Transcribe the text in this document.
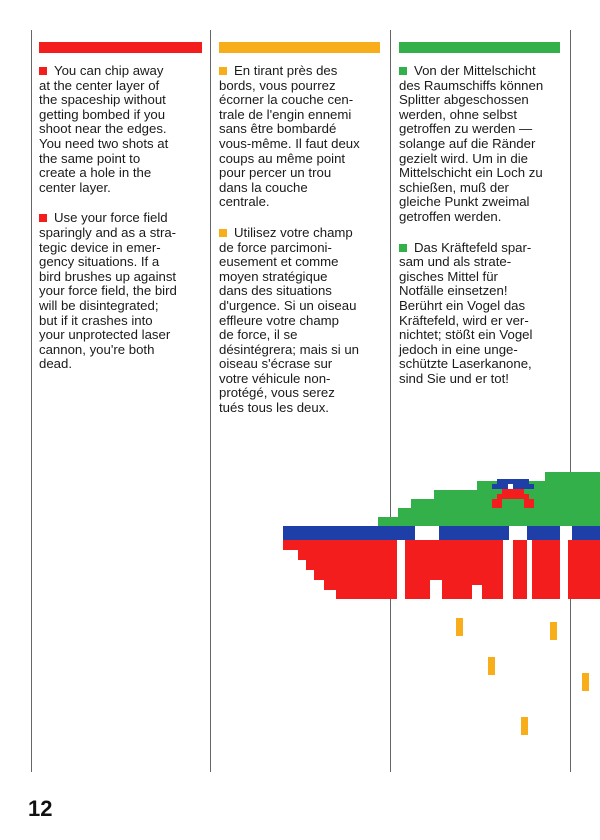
You can chip away
at the center layer of
the spaceship without
getting bombed if you
shoot near the edges.
You need two shots at
the same point to
create a hole in the
center layer.

Use your force field
sparingly and as a stra-
tegic device in emer-
gency situations. If a
bird brushes up against
your force field, the bird
will be disintegrated;
but if it crashes into
your unprotected laser
cannon, you're both
dead.

En tirant près des
bords, vous pourrez
écorner la couche cen-
trale de l'engin ennemi
sans être bombardé
vous-même. Il faut deux
coups au même point
pour percer un trou
dans la couche
centrale.

Utilisez votre champ
de force parcimoni-
eusement et comme
moyen stratégique
dans des situations
d'urgence. Si un oiseau
effleure votre champ
de force, il se
désintégrera; mais si un
oiseau s'écrase sur
votre véhicule non-
protégé, vous serez
tués tous les deux.

Von der Mittelschicht
des Raumschiffs können
Splitter abgeschossen
werden, ohne selbst
getroffen zu werden —
solange auf die Ränder
gezielt wird. Um in die
Mittelschicht ein Loch zu
schießen, muß der
gleiche Punkt zweimal
getroffen werden.

Das Kräftefeld spar-
sam und als strate-
gisches Mittel für
Notfälle einsetzen!
Berührt ein Vogel das
Kräftefeld, wird er ver-
nichtet; stößt ein Vogel
jedoch in eine unge-
schützte Laserkanone,
sind Sie und er tot!

12
